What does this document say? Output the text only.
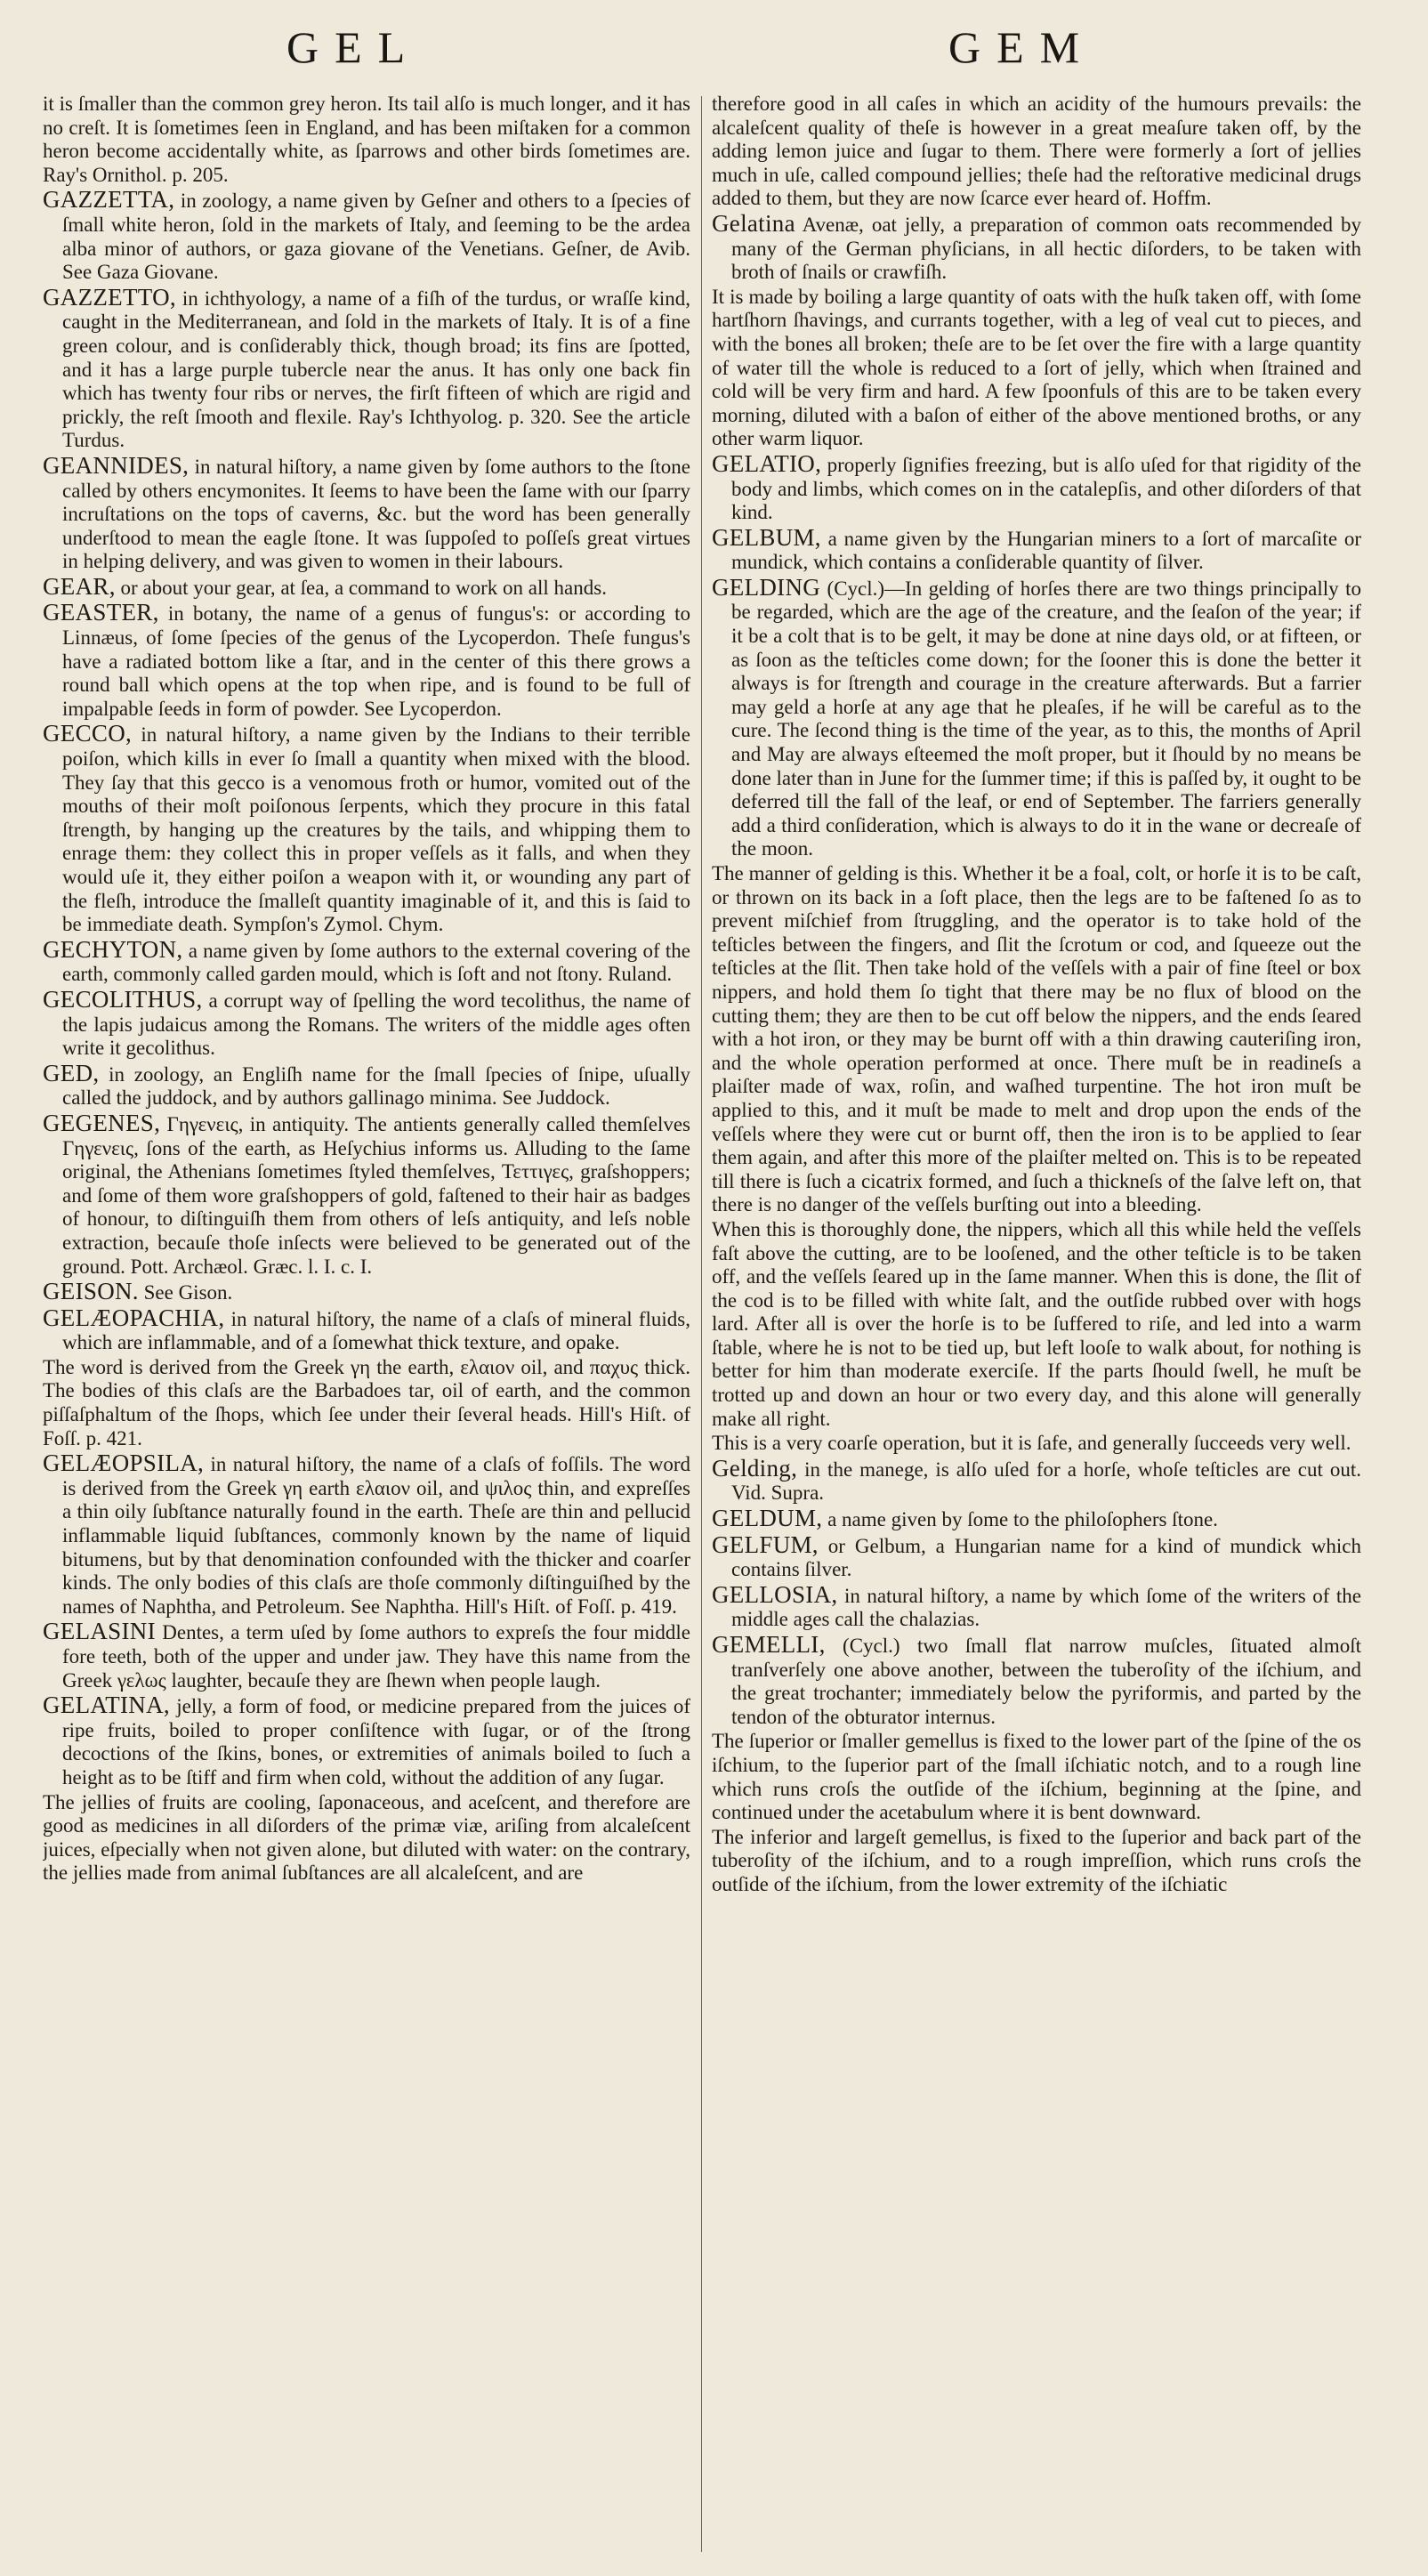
GEL	GEM

it is ſmaller than the common grey heron. Its tail alſo is much longer, and it has no creſt. It is ſometimes ſeen in England, and has been miſtaken for a common heron become accidentally white, as ſparrows and other birds ſometimes are. Ray's Ornithol. p. 205.

GAZZETTA, in zoology, a name given by Geſner and others to a ſpecies of ſmall white heron, ſold in the markets of Italy, and ſeeming to be the ardea alba minor of authors, or gaza giovane of the Venetians. Geſner, de Avib. See Gaza Giovane.

GAZZETTO, in ichthyology, a name of a fiſh of the turdus, or wraſſe kind, caught in the Mediterranean, and ſold in the markets of Italy. It is of a fine green colour, and is conſiderably thick, though broad; its fins are ſpotted, and it has a large purple tubercle near the anus. It has only one back fin which has twenty four ribs or nerves, the firſt fifteen of which are rigid and prickly, the reſt ſmooth and flexile. Ray's Ichthyolog. p. 320. See the article Turdus.

GEANNIDES, in natural hiſtory, a name given by ſome authors to the ſtone called by others encymonites. It ſeems to have been the ſame with our ſparry incruſtations on the tops of caverns, &c. but the word has been generally underſtood to mean the eagle ſtone. It was ſuppoſed to poſſeſs great virtues in helping delivery, and was given to women in their labours.

GEAR, or about your gear, at ſea, a command to work on all hands.

GEASTER, in botany, the name of a genus of fungus's: or according to Linnæus, of ſome ſpecies of the genus of the Lycoperdon. Theſe fungus's have a radiated bottom like a ſtar, and in the center of this there grows a round ball which opens at the top when ripe, and is found to be full of impalpable ſeeds in form of powder. See Lycoperdon.

GECCO, in natural hiſtory, a name given by the Indians to their terrible poiſon, which kills in ever ſo ſmall a quantity when mixed with the blood. They ſay that this gecco is a venomous froth or humor, vomited out of the mouths of their moſt poiſonous ſerpents, which they procure in this fatal ſtrength, by hanging up the creatures by the tails, and whipping them to enrage them: they collect this in proper veſſels as it falls, and when they would uſe it, they either poiſon a weapon with it, or wounding any part of the fleſh, introduce the ſmalleſt quantity imaginable of it, and this is ſaid to be immediate death. Sympſon's Zymol. Chym.

GECHYTON, a name given by ſome authors to the external covering of the earth, commonly called garden mould, which is ſoft and not ſtony. Ruland.

GECOLITHUS, a corrupt way of ſpelling the word tecolithus, the name of the lapis judaicus among the Romans. The writers of the middle ages often write it gecolithus.

GED, in zoology, an Engliſh name for the ſmall ſpecies of ſnipe, uſually called the juddock, and by authors gallinago minima. See Juddock.

GEGENES, Γηγενεις, in antiquity. The antients generally called themſelves Γηγενεις, ſons of the earth, as Heſychius informs us. Alluding to the ſame original, the Athenians ſometimes ſtyled themſelves, Τεττιγες, graſshoppers; and ſome of them wore graſshoppers of gold, faſtened to their hair as badges of honour, to diſtinguiſh them from others of leſs antiquity, and leſs noble extraction, becauſe thoſe inſects were believed to be generated out of the ground. Pott. Archæol. Græc. l. I. c. I.

GEISON. See Gison.

GELÆOPACHIA, in natural hiſtory, the name of a claſs of mineral fluids, which are inflammable, and of a ſomewhat thick texture, and opake.

The word is derived from the Greek γη the earth, ελαιον oil, and παχυς thick. The bodies of this claſs are the Barbadoes tar, oil of earth, and the common piſſaſphaltum of the ſhops, which ſee under their ſeveral heads. Hill's Hiſt. of Foſſ. p. 421.

GELÆOPSILA, in natural hiſtory, the name of a claſs of foſſils. The word is derived from the Greek γη earth ελαιον oil, and ψιλος thin, and expreſſes a thin oily ſubſtance naturally found in the earth. Theſe are thin and pellucid inflammable liquid ſubſtances, commonly known by the name of liquid bitumens, but by that denomination confounded with the thicker and coarſer kinds. The only bodies of this claſs are thoſe commonly diſtinguiſhed by the names of Naphtha, and Petroleum. See Naphtha. Hill's Hiſt. of Foſſ. p. 419.

GELASINI Dentes, a term uſed by ſome authors to expreſs the four middle fore teeth, both of the upper and under jaw. They have this name from the Greek γελως laughter, becauſe they are ſhewn when people laugh.

GELATINA, jelly, a form of food, or medicine prepared from the juices of ripe fruits, boiled to proper conſiſtence with ſugar, or of the ſtrong decoctions of the ſkins, bones, or extremities of animals boiled to ſuch a height as to be ſtiff and firm when cold, without the addition of any ſugar.

The jellies of fruits are cooling, ſaponaceous, and aceſcent, and therefore are good as medicines in all diſorders of the primæ viæ, ariſing from alcaleſcent juices, eſpecially when not given alone, but diluted with water: on the contrary, the jellies made from animal ſubſtances are all alcaleſcent, and are

therefore good in all caſes in which an acidity of the humours prevails: the alcaleſcent quality of theſe is however in a great meaſure taken off, by the adding lemon juice and ſugar to them. There were formerly a ſort of jellies much in uſe, called compound jellies; theſe had the reſtorative medicinal drugs added to them, but they are now ſcarce ever heard of. Hoffm.

Gelatina Avenæ, oat jelly, a preparation of common oats recommended by many of the German phyſicians, in all hectic diſorders, to be taken with broth of ſnails or crawfiſh.

It is made by boiling a large quantity of oats with the huſk taken off, with ſome hartſhorn ſhavings, and currants together, with a leg of veal cut to pieces, and with the bones all broken; theſe are to be ſet over the fire with a large quantity of water till the whole is reduced to a ſort of jelly, which when ſtrained and cold will be very firm and hard. A few ſpoonfuls of this are to be taken every morning, diluted with a baſon of either of the above mentioned broths, or any other warm liquor.

GELATIO, properly ſignifies freezing, but is alſo uſed for that rigidity of the body and limbs, which comes on in the catalepſis, and other diſorders of that kind.

GELBUM, a name given by the Hungarian miners to a ſort of marcaſite or mundick, which contains a conſiderable quantity of ſilver.

GELDING (Cycl.)—In gelding of horſes there are two things principally to be regarded, which are the age of the creature, and the ſeaſon of the year; if it be a colt that is to be gelt, it may be done at nine days old, or at fifteen, or as ſoon as the teſticles come down; for the ſooner this is done the better it always is for ſtrength and courage in the creature afterwards. But a farrier may geld a horſe at any age that he pleaſes, if he will be careful as to the cure. The ſecond thing is the time of the year, as to this, the months of April and May are always eſteemed the moſt proper, but it ſhould by no means be done later than in June for the ſummer time; if this is paſſed by, it ought to be deferred till the fall of the leaf, or end of September. The farriers generally add a third conſideration, which is always to do it in the wane or decreaſe of the moon.

The manner of gelding is this. Whether it be a foal, colt, or horſe it is to be caſt, or thrown on its back in a ſoft place, then the legs are to be faſtened ſo as to prevent miſchief from ſtruggling, and the operator is to take hold of the teſticles between the fingers, and ſlit the ſcrotum or cod, and ſqueeze out the teſticles at the ſlit. Then take hold of the veſſels with a pair of fine ſteel or box nippers, and hold them ſo tight that there may be no flux of blood on the cutting them; they are then to be cut off below the nippers, and the ends ſeared with a hot iron, or they may be burnt off with a thin drawing cauteriſing iron, and the whole operation performed at once. There muſt be in readineſs a plaiſter made of wax, roſin, and waſhed turpentine. The hot iron muſt be applied to this, and it muſt be made to melt and drop upon the ends of the veſſels where they were cut or burnt off, then the iron is to be applied to ſear them again, and after this more of the plaiſter melted on. This is to be repeated till there is ſuch a cicatrix formed, and ſuch a thickneſs of the ſalve left on, that there is no danger of the veſſels burſting out into a bleeding.

When this is thoroughly done, the nippers, which all this while held the veſſels faſt above the cutting, are to be looſened, and the other teſticle is to be taken off, and the veſſels ſeared up in the ſame manner. When this is done, the ſlit of the cod is to be filled with white ſalt, and the outſide rubbed over with hogs lard. After all is over the horſe is to be ſuffered to riſe, and led into a warm ſtable, where he is not to be tied up, but left looſe to walk about, for nothing is better for him than moderate exerciſe. If the parts ſhould ſwell, he muſt be trotted up and down an hour or two every day, and this alone will generally make all right.

This is a very coarſe operation, but it is ſafe, and generally ſucceeds very well.

Gelding, in the manege, is alſo uſed for a horſe, whoſe teſticles are cut out. Vid. Supra.

GELDUM, a name given by ſome to the philoſophers ſtone.

GELFUM, or Gelbum, a Hungarian name for a kind of mundick which contains ſilver.

GELLOSIA, in natural hiſtory, a name by which ſome of the writers of the middle ages call the chalazias.

GEMELLI, (Cycl.) two ſmall flat narrow muſcles, ſituated almoſt tranſverſely one above another, between the tuberoſity of the iſchium, and the great trochanter; immediately below the pyriformis, and parted by the tendon of the obturator internus.

The ſuperior or ſmaller gemellus is fixed to the lower part of the ſpine of the os iſchium, to the ſuperior part of the ſmall iſchiatic notch, and to a rough line which runs croſs the outſide of the iſchium, beginning at the ſpine, and continued under the acetabulum where it is bent downward.

The inferior and largeſt gemellus, is fixed to the ſuperior and back part of the tuberoſity of the iſchium, and to a rough impreſſion, which runs croſs the outſide of the iſchium, from the lower extremity of the iſchiatic
